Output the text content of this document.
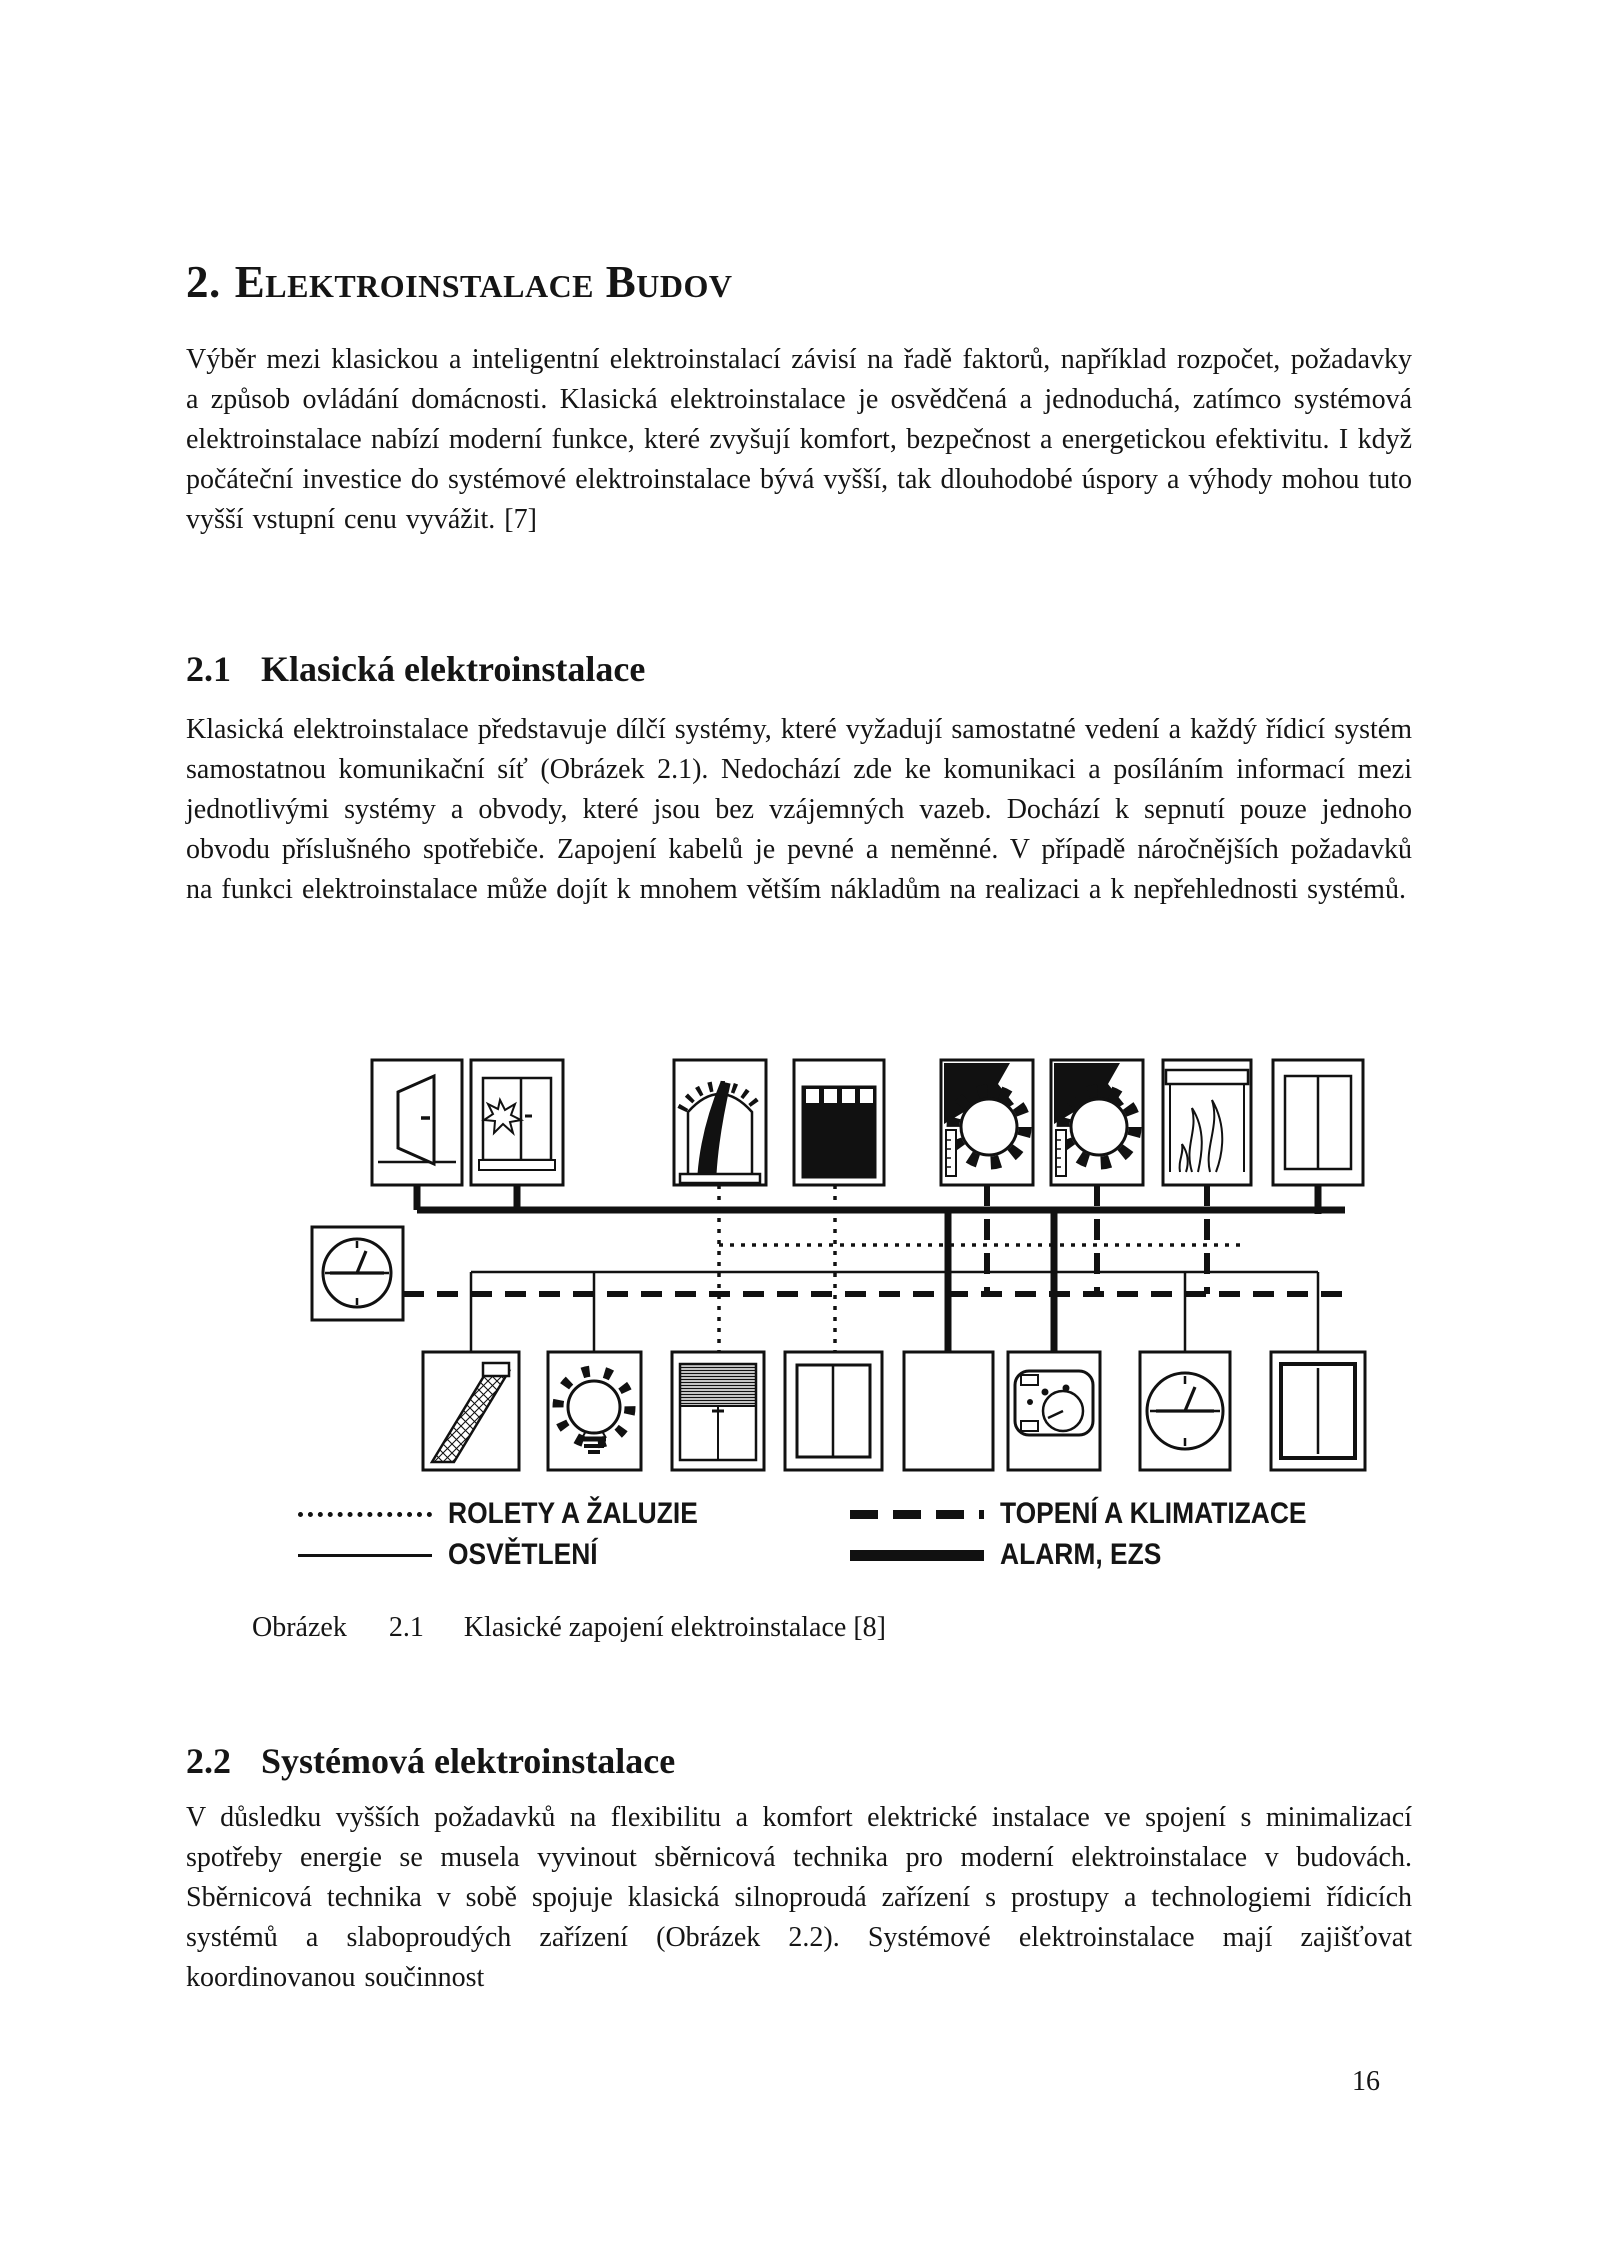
2. Elektroinstalace Budov
Výběr mezi klasickou a inteligentní elektroinstalací závisí na řadě faktorů, například rozpočet, požadavky a způsob ovládání domácnosti. Klasická elektroinstalace je osvědčená a jednoduchá, zatímco systémová elektroinstalace nabízí moderní funkce, které zvyšují komfort, bezpečnost a energetickou efektivitu. I když počáteční investice do systémové elektroinstalace bývá vyšší, tak dlouhodobé úspory a výhody mohou tuto vyšší vstupní cenu vyvážit. [7]
2.1 Klasická elektroinstalace
Klasická elektroinstalace představuje dílčí systémy, které vyžadují samostatné vedení a každý řídicí systém samostatnou komunikační síť (Obrázek 2.1). Nedochází zde ke komunikaci a posíláním informací mezi jednotlivými systémy a obvody, které jsou bez vzájemných vazeb. Dochází k sepnutí pouze jednoho obvodu příslušného spotřebiče. Zapojení kabelů je pevné a neměnné. V případě náročnějších požadavků na funkci elektroinstalace může dojít k mnohem větším nákladům na realizaci a k nepřehlednosti systémů.
ROLETY A ŽALUZIE
OSVĚTLENÍ
TOPENÍ A KLIMATIZACE
ALARM, EZS
Obrázek 2.1 Klasické zapojení elektroinstalace [8]
2.2 Systémová elektroinstalace
V důsledku vyšších požadavků na flexibilitu a komfort elektrické instalace ve spojení s minimalizací spotřeby energie se musela vyvinout sběrnicová technika pro moderní elektroinstalace v budovách. Sběrnicová technika v sobě spojuje klasická silnoproudá zařízení s prostupy a technologiemi řídicích systémů a slaboproudých zařízení (Obrázek 2.2). Systémové elektroinstalace mají zajišťovat koordinovanou součinnost
16
